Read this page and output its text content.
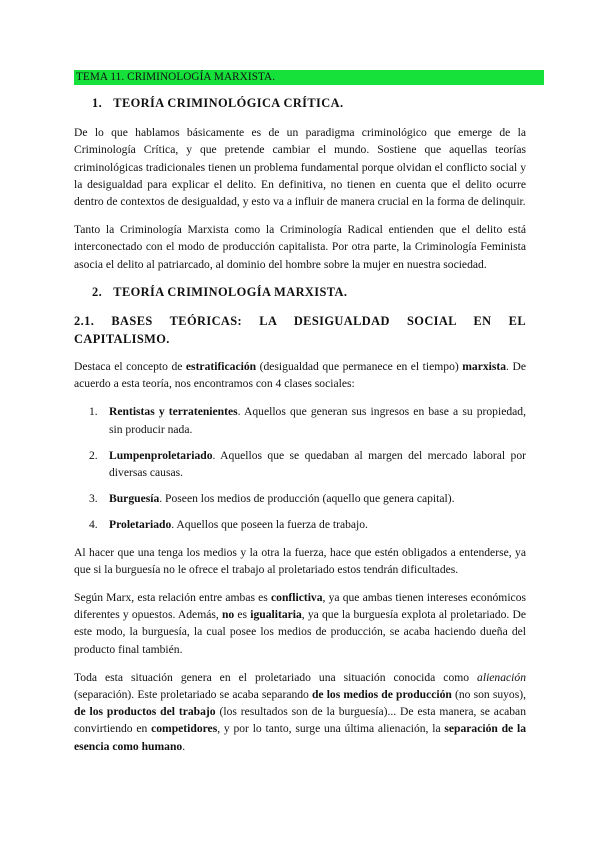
TEMA 11. CRIMINOLOGÍA MARXISTA.
1. TEORÍA CRIMINOLÓGICA CRÍTICA.

De lo que hablamos básicamente es de un paradigma criminológico que emerge de la Criminología Crítica, y que pretende cambiar el mundo. Sostiene que aquellas teorías criminológicas tradicionales tienen un problema fundamental porque olvidan el conflicto social y la desigualdad para explicar el delito. En definitiva, no tienen en cuenta que el delito ocurre dentro de contextos de desigualdad, y esto va a influir de manera crucial en la forma de delinquir.

Tanto la Criminología Marxista como la Criminología Radical entienden que el delito está interconectado con el modo de producción capitalista. Por otra parte, la Criminología Feminista asocia el delito al patriarcado, al dominio del hombre sobre la mujer en nuestra sociedad.

2. TEORÍA CRIMINOLOGÍA MARXISTA.
2.1. BASES TEÓRICAS: LA DESIGUALDAD SOCIAL EN EL CAPITALISMO.

Destaca el concepto de estratificación (desigualdad que permanece en el tiempo) marxista. De acuerdo a esta teoría, nos encontramos con 4 clases sociales:

1. Rentistas y terratenientes. Aquellos que generan sus ingresos en base a su propiedad, sin producir nada.
2. Lumpenproletariado. Aquellos que se quedaban al margen del mercado laboral por diversas causas.
3. Burguesía. Poseen los medios de producción (aquello que genera capital).
4. Proletariado. Aquellos que poseen la fuerza de trabajo.

Al hacer que una tenga los medios y la otra la fuerza, hace que estén obligados a entenderse, ya que si la burguesía no le ofrece el trabajo al proletariado estos tendrán dificultades.

Según Marx, esta relación entre ambas es conflictiva, ya que ambas tienen intereses económicos diferentes y opuestos. Además, no es igualitaria, ya que la burguesía explota al proletariado. De este modo, la burguesía, la cual posee los medios de producción, se acaba haciendo dueña del producto final también.

Toda esta situación genera en el proletariado una situación conocida como alienación (separación). Este proletariado se acaba separando de los medios de producción (no son suyos), de los productos del trabajo (los resultados son de la burguesía)... De esta manera, se acaban convirtiendo en competidores, y por lo tanto, surge una última alienación, la separación de la esencia como humano.
